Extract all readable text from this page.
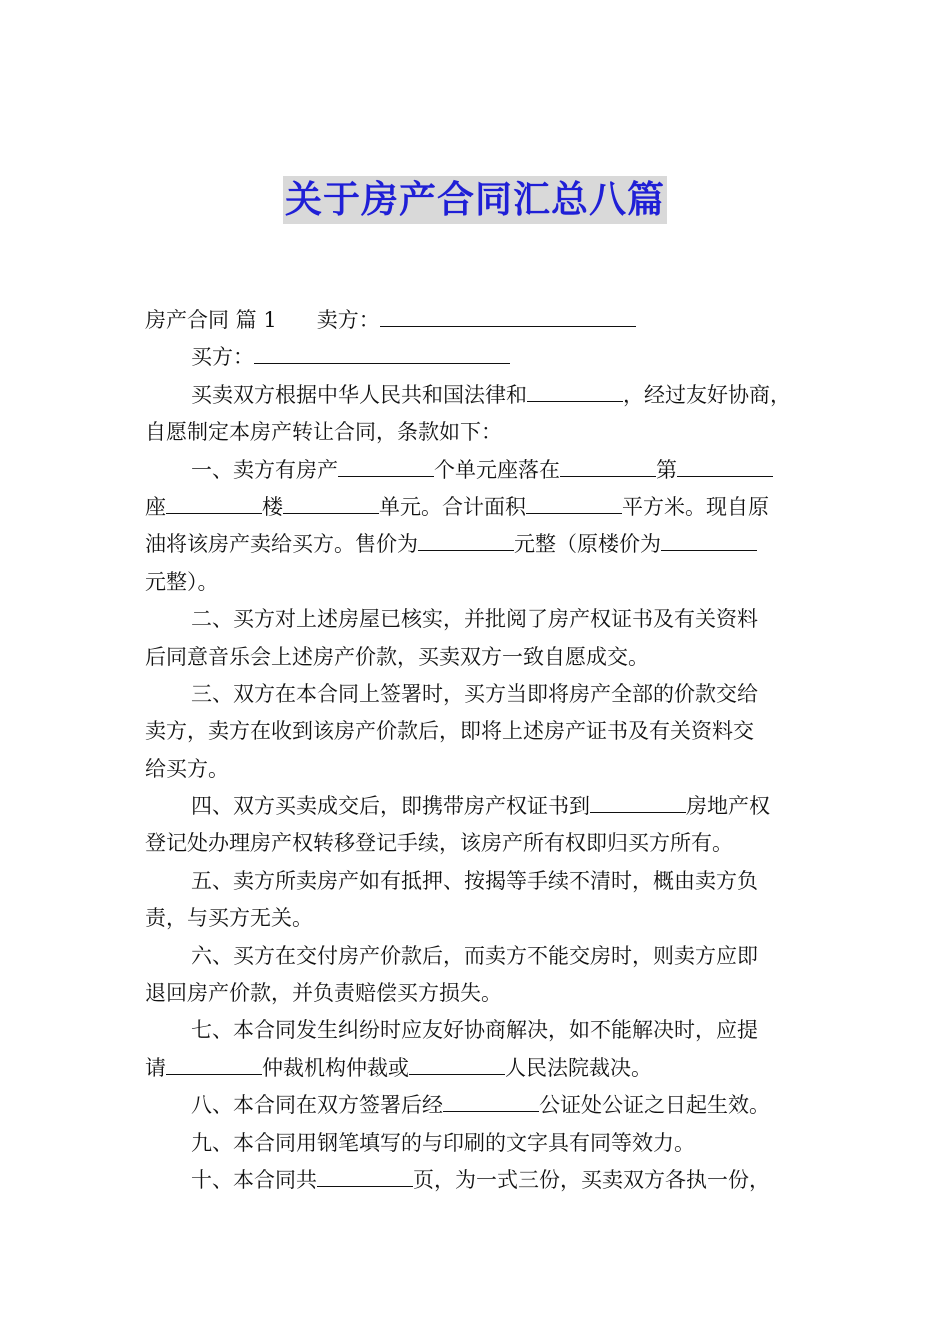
关于房产合同汇总八篇
房产合同 篇 1 卖方：
买方：
买卖双方根据中华人民共和国法律和	，经过友好协商，
自愿制定本房产转让合同，条款如下：
一、卖方有房产	个单元座落在	第
座	楼	单元。合计面积	平方米。现自原
油将该房产卖给买方。售价为	元整（原楼价为
元整）。
二、买方对上述房屋已核实，并批阅了房产权证书及有关资料
后同意音乐会上述房产价款，买卖双方一致自愿成交。
三、双方在本合同上签署时，买方当即将房产全部的价款交给
卖方，卖方在收到该房产价款后，即将上述房产证书及有关资料交
给买方。
四、双方买卖成交后，即携带房产权证书到	房地产权
登记处办理房产权转移登记手续，该房产所有权即归买方所有。
五、卖方所卖房产如有抵押、按揭等手续不清时，概由卖方负
责，与买方无关。
六、买方在交付房产价款后，而卖方不能交房时，则卖方应即
退回房产价款，并负责赔偿买方损失。
七、本合同发生纠纷时应友好协商解决，如不能解决时，应提
请	仲裁机构仲裁或	人民法院裁决。
八、本合同在双方签署后经	公证处公证之日起生效。
九、本合同用钢笔填写的与印刷的文字具有同等效力。
十、本合同共	页，为一式三份，买卖双方各执一份，
